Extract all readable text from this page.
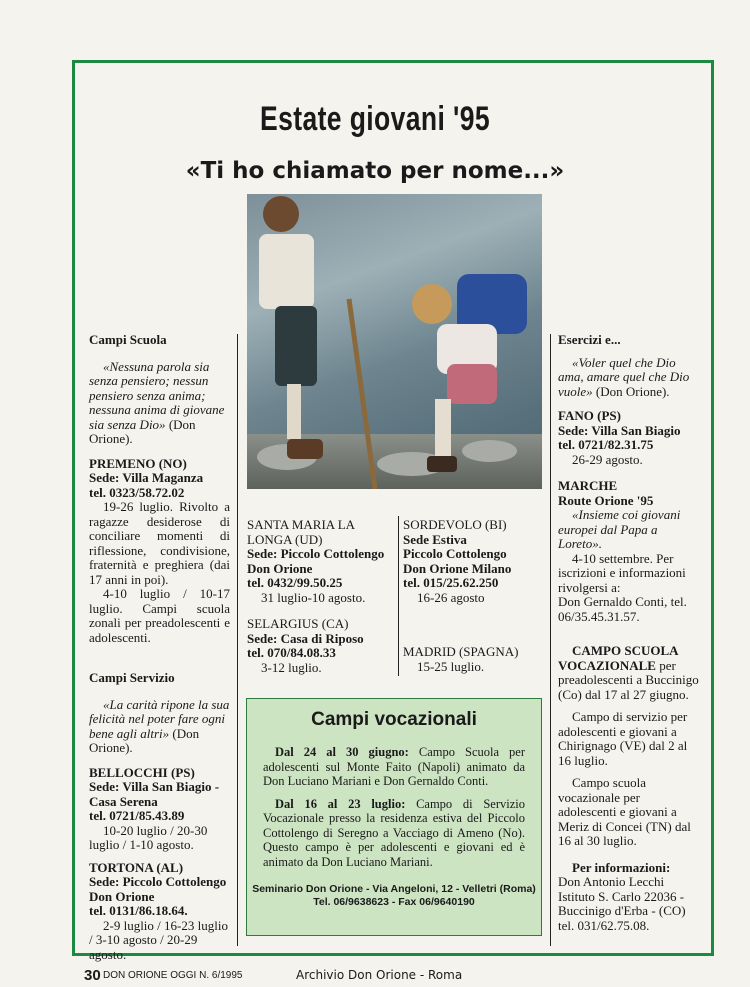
Estate giovani '95
«Ti ho chiamato per nome...»

Campi Scuola

«Nessuna parola sia senza pensiero; nessun pensiero senza anima; nessuna anima di giovane sia senza Dio» (Don Orione).

PREMENO (NO)

Sede: Villa Maganza

tel. 0323/58.72.02

19-26 luglio. Rivolto a ragazze desiderose di conciliare momenti di riflessione, condivisione, fraternità e preghiera (dai 17 anni in poi).

4-10 luglio / 10-17 luglio. Campi scuola zonali per preadolescenti e adolescenti.

Campi Servizio

«La carità ripone la sua felicità nel poter fare ogni bene agli altri» (Don Orione).

BELLOCCHI (PS)

Sede: Villa San Biagio - Casa Serena

tel. 0721/85.43.89

10-20 luglio / 20-30 luglio / 1-10 agosto.

TORTONA (AL)

Sede: Piccolo Cottolengo Don Orione

tel. 0131/86.18.64.

2-9 luglio / 16-23 luglio / 3-10 agosto / 20-29 agosto.

SANTA MARIA LA LONGA (UD)

Sede: Piccolo Cottolengo Don Orione

tel. 0432/99.50.25

31 luglio-10 agosto.

SELARGIUS (CA)

Sede: Casa di Riposo

tel. 070/84.08.33

3-12 luglio.

SORDEVOLO (BI)

Sede Estiva

Piccolo Cottolengo

Don Orione Milano

tel. 015/25.62.250

16-26 agosto

MADRID (SPAGNA)

15-25 luglio.

Campi vocazionali

Dal 24 al 30 giugno: Campo Scuola per adolescenti sul Monte Faito (Napoli) animato da Don Luciano Mariani e Don Gernaldo Conti.

Dal 16 al 23 luglio: Campo di Servizio Vocazionale presso la residenza estiva del Piccolo Cottolengo di Seregno a Vacciago di Ameno (No). Questo campo è per adolescenti e giovani ed è animato da Don Luciano Mariani.

Seminario Don Orione - Via Angeloni, 12 - Velletri (Roma)
Tel. 06/9638623 - Fax 06/9640190

Esercizi e...

«Voler quel che Dio ama, amare quel che Dio vuole» (Don Orione).

FANO (PS)

Sede: Villa San Biagio

tel. 0721/82.31.75

26-29 agosto.

MARCHE

Route Orione '95

«Insieme coi giovani europei dal Papa a Loreto».

4-10 settembre. Per iscrizioni e informazioni rivolgersi a:

Don Gernaldo Conti, tel. 06/35.45.31.57.

CAMPO SCUOLA VOCAZIONALE per preadolescenti a Buccinigo (Co) dal 17 al 27 giugno.

Campo di servizio per adolescenti e giovani a Chirignago (VE) dal 2 al 16 luglio.

Campo scuola vocazionale per adolescenti e giovani a Meriz di Concei (TN) dal 16 al 30 luglio.

Per informazioni:

Don Antonio Lecchi Istituto S. Carlo 22036 - Buccinigo d'Erba - (CO) tel. 031/62.75.08.

30 DON ORIONE OGGI N. 6/1995	Archivio Don Orione - Roma
